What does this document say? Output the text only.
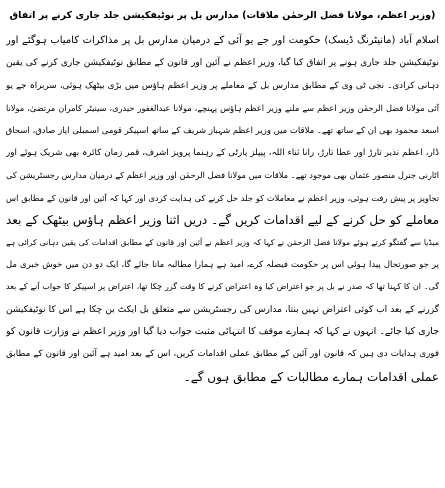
(وزیر اعظم، مولانا فضل الرحمٰن ملاقات) مدارس بل پر نوٹیفکیشن جلد جاری کرنے پر اتفاق
اسلام آباد (مانیٹرنگ ڈیسک) حکومت اور جے یو آئی کے درمیان مدارس بل پر مذاکرات کامیاب ہوگئے اور
نوٹیفکیشن جلد جاری ہونے پر اتفاق کیا گیا، وزیر اعظم نے آئین اور قانون کے مطابق نوٹیفکیشن جاری کرنے کی یقین
دہانی کرادی۔ نجی ٹی وی کے مطابق مدارس بل کے معاملے پر وزیر اعظم ہاؤس میں بڑی بیٹھک ہوئی، سربراہ جے یو
آئی مولانا فضل الرحمٰن وزیر اعظم سے ملنے وزیر اعظم ہاؤس پہنچے، مولانا عبدالغفور حیدری، سینیٹر کامران مرتضیٰ، مولانا
اسعد محمود بھی ان کے ساتھ تھے۔ ملاقات میں وزیر اعظم شہباز شریف کے ساتھ اسپیکر قومی اسمبلی ایاز صادق، اسحاق
ڈار، اعظم نذیر تارڑ اور عطا تارڑ، رانا ثناء اللہ، پیپلز پارٹی کے رہنما پرویز اشرف، قمر زمان کائرہ بھی شریک ہوئے اور
اٹارنی جنرل منصور عثمان بھی موجود تھے۔ ملاقات میں مولانا فضل الرحمٰن اور وزیر اعظم کے درمیان مدارس رجسٹریشن کی
تجاویز پر پیش رفت ہوئی، وزیر اعظم نے معاملات کو جلد حل کرنے کی ہدایت کردی اور کہا کہ آئین اور قانون کے مطابق اس
معاملے کو حل کرنے کے لیے اقدامات کریں گے۔ دریں اثنا وزیر اعظم ہاؤس بیٹھک کے بعد
میڈیا سے گفتگو کرتے ہوئے مولانا فضل الرحمٰن نے کہا کہ وزیر اعظم نے آئین اور قانون کے مطابق اقدامات کی یقین دہانی کرائی ہے
پر جو صورتحال پیدا ہوئی اس پر حکومت فیصلہ کرے، امید ہے ہمارا مطالبہ مانا جائے گا، ایک دو دن میں خوش خبری مل
گی۔ ان کا کہنا تھا کہ صدر نے بل پر جو اعتراض کیا وہ اعتراض کرنے کا وقت گزر چکا تھا، اعتراض پر اسپیکر کا جواب آنے کے بعد
گزرنے کے بعد اب کوئی اعتراض نہیں بنتا، مدارس کی رجسٹریشن سے متعلق بل ایکٹ بن چکا ہے اس کا نوٹیفکیشن
جاری کیا جائے۔ انہوں نے کہا کہ ہمارے موقف کا انتہائی مثبت جواب دیا گیا اور وزیر اعظم نے وزارت قانون کو
فوری ہدایات دی ہیں کہ قانون اور آئین کے مطابق عملی اقدامات کریں، اس کے بعد امید ہے آئین اور قانون کے مطابق
عملی اقدامات ہمارے مطالبات کے مطابق ہوں گے۔
